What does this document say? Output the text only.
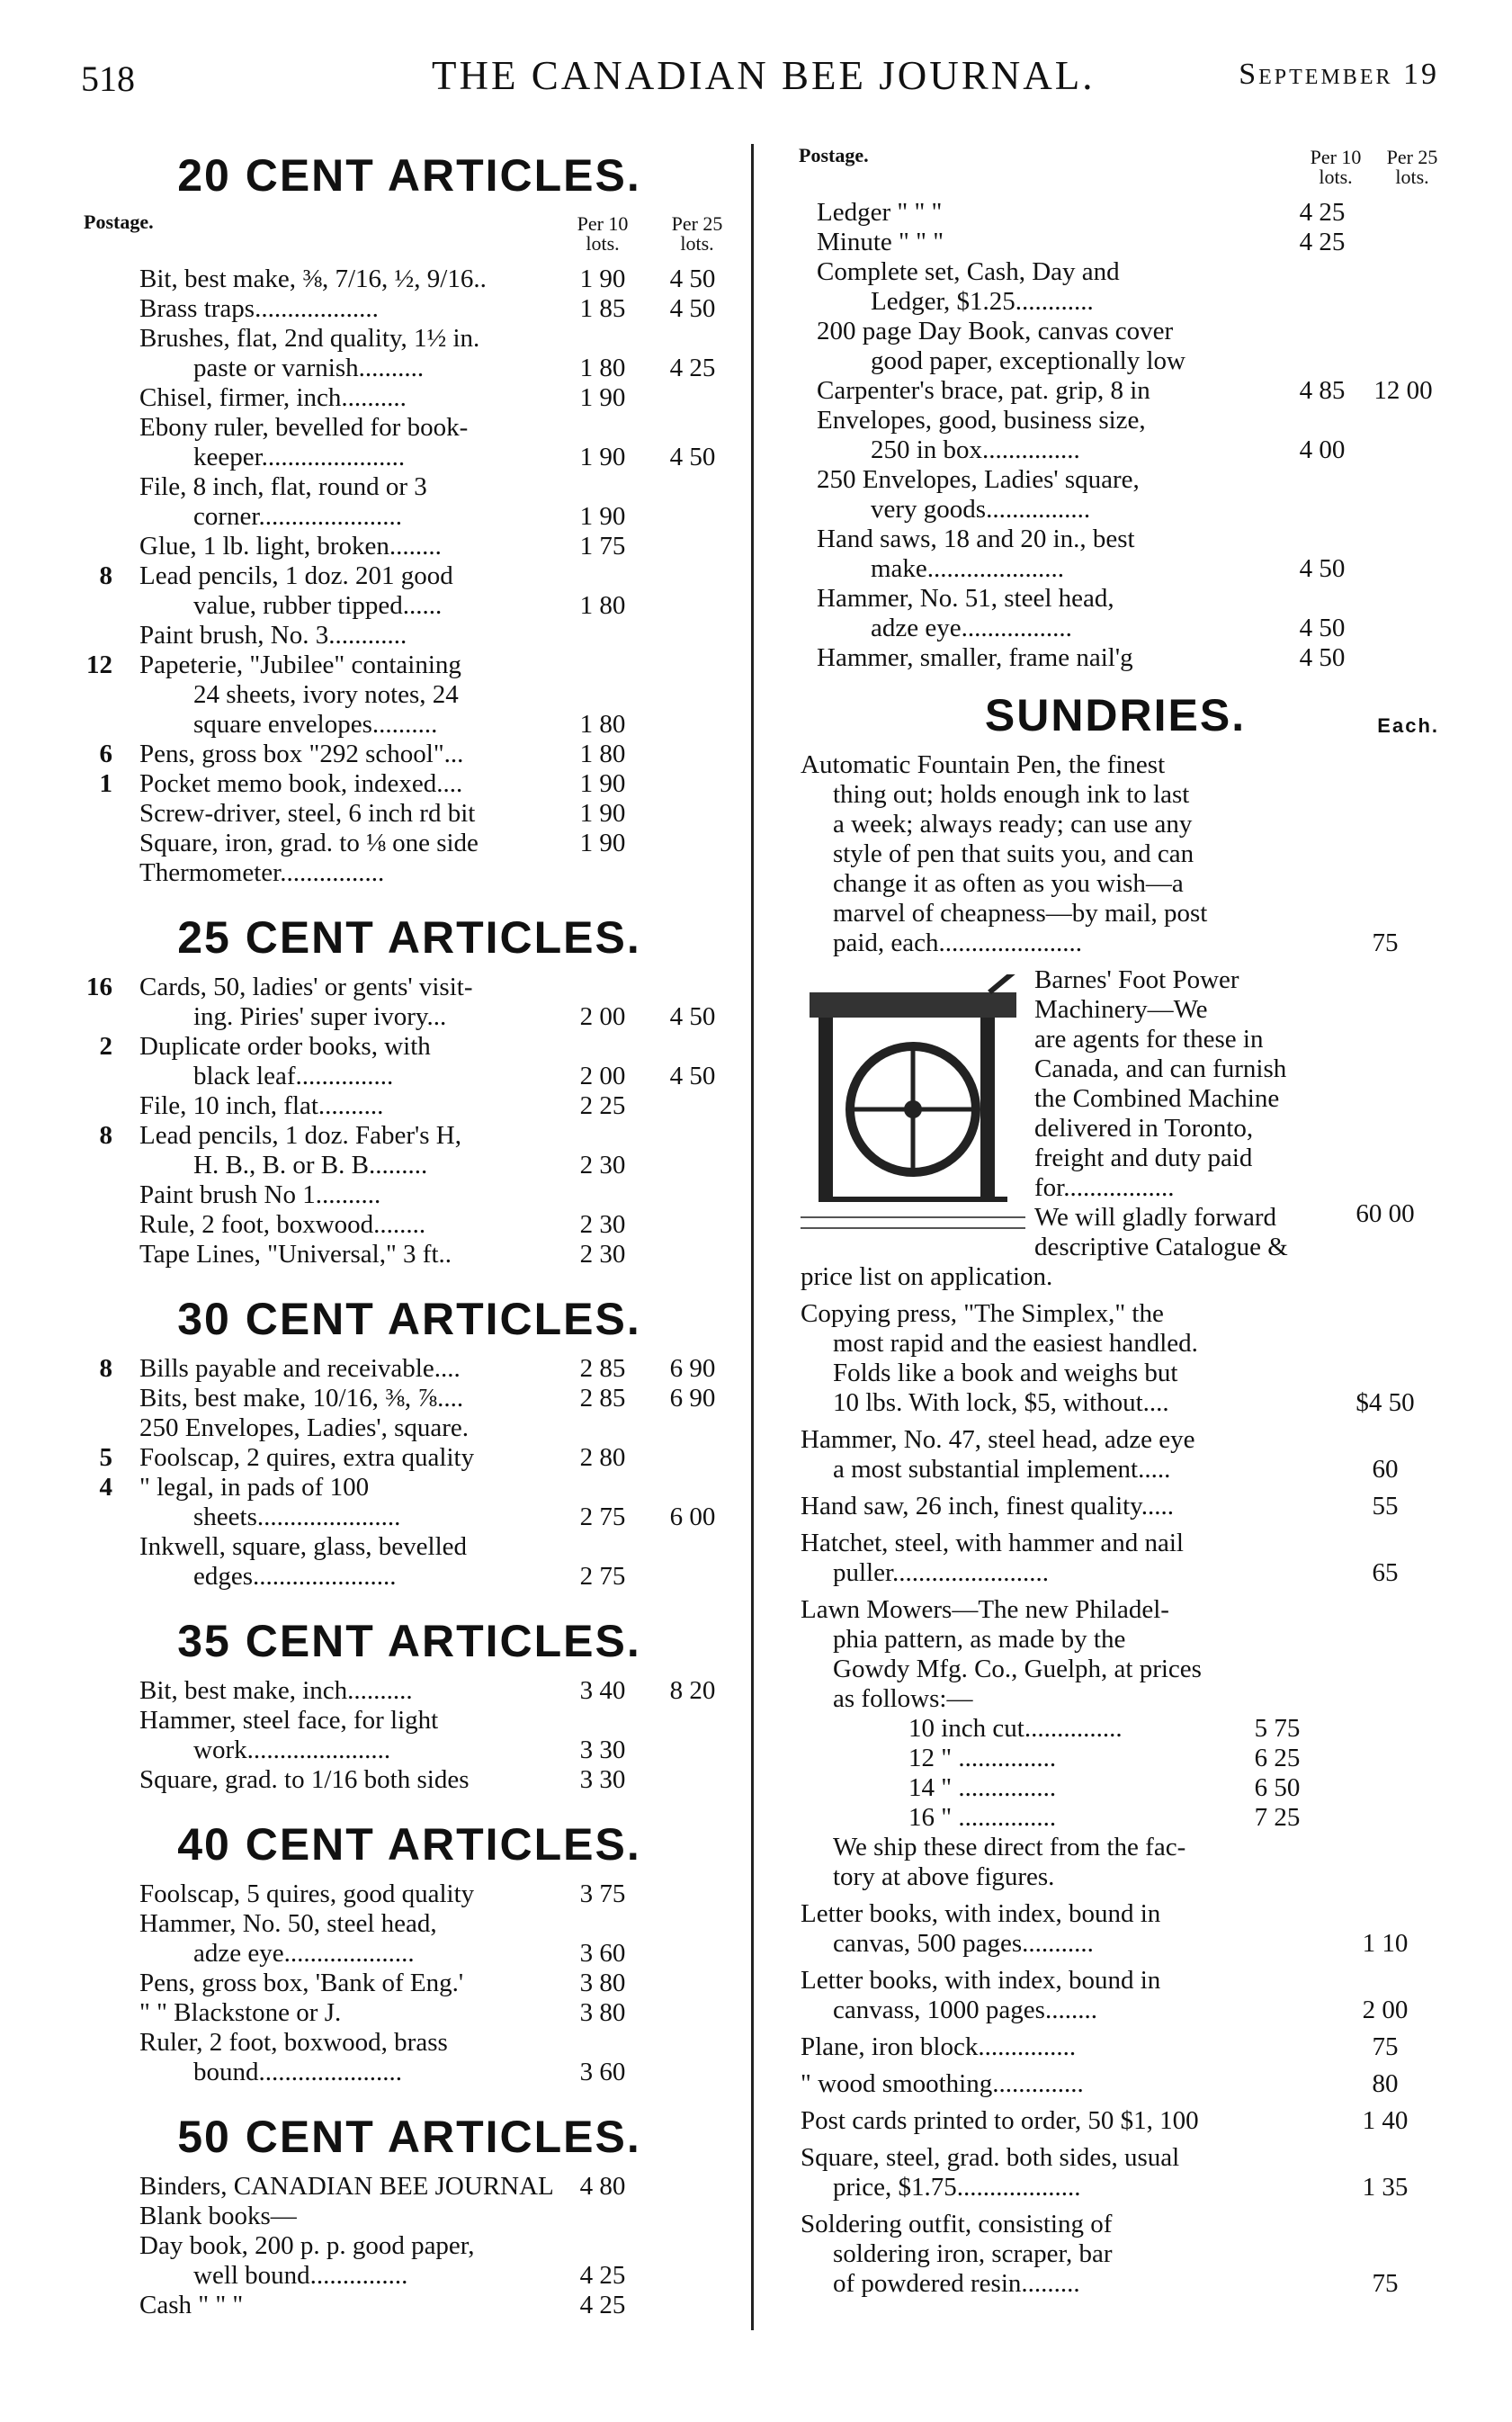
518	THE CANADIAN BEE JOURNAL.	September 19
20 CENT ARTICLES.
Postage.	Per 10 lots.
Per 25 lots.
Bit, best make, ⅜, 7/16, ½, 9/16..	1 90	4 50
Brass traps...................	1 85	4 50
Brushes, flat, 2nd quality, 1½ in.
paste or varnish..........	1 80	4 25
Chisel, firmer, inch..........	1 90
Ebony ruler, bevelled for book-
keeper......................	1 90	4 50
File, 8 inch, flat, round or 3
corner......................	1 90
Glue, 1 lb. light, broken........	1 75
8 Lead pencils, 1 doz. 201 good
value, rubber tipped......	1 80
Paint brush, No. 3............
12 Papeterie, "Jubilee" containing
24 sheets, ivory notes, 24
square envelopes..........	1 80
6 Pens, gross box "292 school"...	1 80
1 Pocket memo book, indexed....	1 90
Screw-driver, steel, 6 inch rd bit	1 90
Square, iron, grad. to ⅛ one side	1 90
Thermometer................
25 CENT ARTICLES.
16 Cards, 50, ladies' or gents' visit-
ing. Piries' super ivory...	2 00	4 50
2 Duplicate order books, with
black leaf...............	2 00	4 50
File, 10 inch, flat..........	2 25
8 Lead pencils, 1 doz. Faber's H,
H. B., B. or B. B.........	2 30
Paint brush No 1..........
Rule, 2 foot, boxwood........	2 30
Tape Lines, "Universal," 3 ft..	2 30
30 CENT ARTICLES.
8 Bills payable and receivable....	2 85	6 90
Bits, best make, 10/16, ⅜, ⅞....	2 85	6 90
250 Envelopes, Ladies', square.
5 Foolscap, 2 quires, extra quality	2 80
4 " legal, in pads of 100
sheets......................	2 75	6 00
Inkwell, square, glass, bevelled
edges......................	2 75
35 CENT ARTICLES.
Bit, best make, inch..........	3 40	8 20
Hammer, steel face, for light
work......................	3 30
Square, grad. to 1/16 both sides	3 30
40 CENT ARTICLES.
Foolscap, 5 quires, good quality	3 75
Hammer, No. 50, steel head,
adze eye....................	3 60
Pens, gross box, 'Bank of Eng.'	3 80
" " Blackstone or J.	3 80
Ruler, 2 foot, boxwood, brass
bound......................	3 60
50 CENT ARTICLES.
Binders, CANADIAN BEE JOURNAL 4 80
Blank books—
Day book, 200 p. p. good paper,
well bound...............	4 25
Cash " " "	4 25
Postage.	Per 10 lots.
Per 25 lots.
Ledger " " "	4 25
Minute " " "	4 25
Complete set, Cash, Day and
Ledger, $1.25............
200 page Day Book, canvas cover
good paper, exceptionally low
Carpenter's brace, pat. grip, 8 in	4 85	12 00
Envelopes, good, business size,
250 in box...............	4 00
250 Envelopes, Ladies' square,
very goods................
Hand saws, 18 and 20 in., best
make.....................	4 50
Hammer, No. 51, steel head,
adze eye.................	4 50
Hammer, smaller, frame nail'g	4 50
SUNDRIES.	Each.
Automatic Fountain Pen, the finest
thing out; holds enough ink to last
a week; always ready; can use any
style of pen that suits you, and can
change it as often as you wish—a
marvel of cheapness—by mail, post
paid, each......................	75
Barnes' Foot Power Machinery—We
are agents for these in
Canada, and can furnish
the Combined Machine
delivered in Toronto,
freight and duty paid
for.................
We will gladly forward
descriptive Catalogue &
price list on application.
60 00
Copying press, "The Simplex," the
most rapid and the easiest handled.
Folds like a book and weighs but
10 lbs. With lock, $5, without....	$4 50
Hammer, No. 47, steel head, adze eye
a most substantial implement.....	60
Hand saw, 26 inch, finest quality.....	55
Hatchet, steel, with hammer and nail
puller........................	65
Lawn Mowers—The new Philadel-
phia pattern, as made by the
Gowdy Mfg. Co., Guelph, at prices
as follows:—
10 inch cut...............	5 75
12 " ...............	6 25
14 " ...............	6 50
16 " ...............	7 25
We ship these direct from the fac-
tory at above figures.
Letter books, with index, bound in
canvas, 500 pages...........	1 10
Letter books, with index, bound in
canvass, 1000 pages........	2 00
Plane, iron block...............	75
" wood smoothing..............	80
Post cards printed to order, 50 $1, 100	1 40
Square, steel, grad. both sides, usual
price, $1.75...................	1 35
Soldering outfit, consisting of
soldering iron, scraper, bar
of powdered resin.........	75
